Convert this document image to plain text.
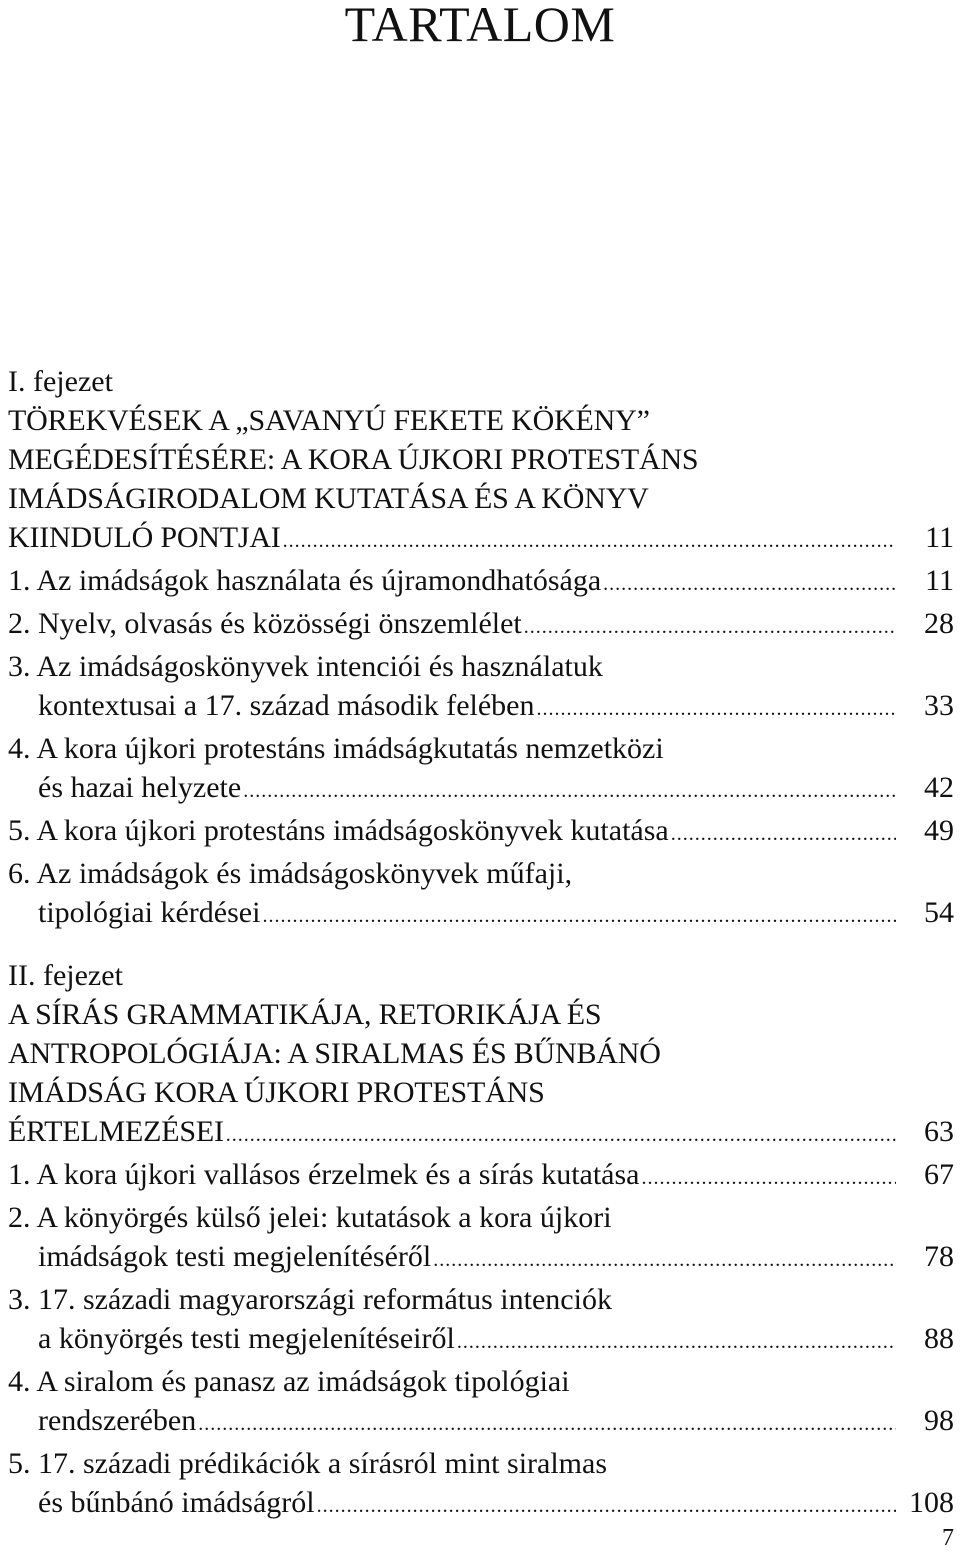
TARTALOM
I. fejezet
TÖREKVÉSEK A „SAVANYÚ FEKETE KÖKÉNY”
MEGÉDESÍTÉSÉRE: A KORA ÚJKORI PROTESTÁNS
IMÁDSÁGIRODALOM KUTATÁSA ÉS A KÖNYV
KIINDULÓ PONTJAI .....	11
1. Az imádságok használata és újramondhatósága .....	11
2. Nyelv, olvasás és közösségi önszemlélet .....	28
3. Az imádságoskönyvek intenciói és használatuk
kontextusai a 17. század második felében .....	33
4. A kora újkori protestáns imádságkutatás nemzetközi
és hazai helyzete .....	42
5. A kora újkori protestáns imádságoskönyvek kutatása .....	49
6. Az imádságok és imádságoskönyvek műfaji,
tipológiai kérdései .....	54
II. fejezet
A SÍRÁS GRAMMATIKÁJA, RETORIKÁJA ÉS
ANTROPOLÓGIÁJA: A SIRALMAS ÉS BŰNBÁNÓ
IMÁDSÁG KORA ÚJKORI PROTESTÁNS
ÉRTELMEZÉSEI .....	63
1. A kora újkori vallásos érzelmek és a sírás kutatása .....	67
2. A könyörgés külső jelei: kutatások a kora újkori
imádságok testi megjelenítéséről .....	78
3. 17. századi magyarországi református intenciók
a könyörgés testi megjelenítéseiről .....	88
4. A siralom és panasz az imádságok tipológiai
rendszerében .....	98
5. 17. századi prédikációk a sírásról mint siralmas
és bűnbánó imádságról .....	108
7
